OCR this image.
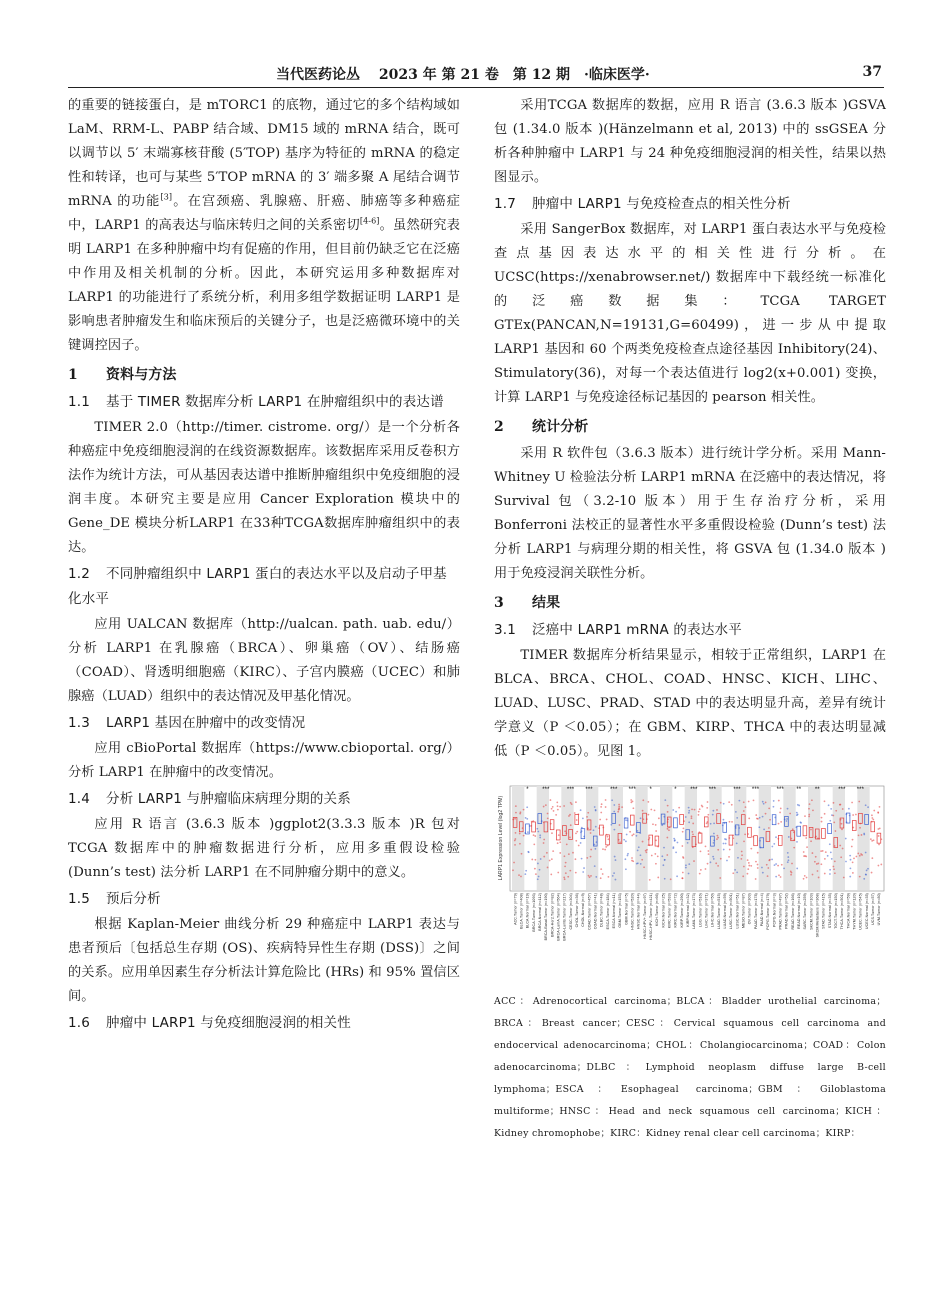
当代医药论丛　 2023 年 第 21 卷　第 12 期　·临床医学·	37

的重要的链接蛋白，是 mTORC1 的底物，通过它的多个结构域如 LaM、RRM-L、PABP 结合域、DM15 域的 mRNA 结合，既可以调节以 5′ 末端寡核苷酸 (5′TOP) 基序为特征的 mRNA 的稳定性和转译，也可与某些 5′TOP mRNA 的 3′ 端多聚 A 尾结合调节 mRNA 的功能[3]。在宫颈癌、乳腺癌、肝癌、肺癌等多种癌症中，LARP1 的高表达与临床转归之间的关系密切[4-6]。虽然研究表明 LARP1 在多种肿瘤中均有促癌的作用，但目前仍缺乏它在泛癌中作用及相关机制的分析。因此，本研究运用多种数据库对 LARP1 的功能进行了系统分析，利用多组学数据证明 LARP1 是影响患者肿瘤发生和临床预后的关键分子，也是泛癌微环境中的关键调控因子。

1 资料与方法
1.1 基于 TIMER 数据库分析 LARP1 在肿瘤组织中的表达谱

TIMER 2.0（http://timer. cistrome. org/）是一个分析各种癌症中免疫细胞浸润的在线资源数据库。该数据库采用反卷积方法作为统计方法，可从基因表达谱中推断肿瘤组织中免疫细胞的浸润丰度。本研究主要是应用 Cancer Exploration 模块中的 Gene_DE 模块分析LARP1 在33种TCGA数据库肿瘤组织中的表达。

1.2 不同肿瘤组织中 LARP1 蛋白的表达水平以及启动子甲基化水平

应用 UALCAN 数据库（http://ualcan. path. uab. edu/）分析 LARP1 在乳腺癌（BRCA）、卵巢癌（OV）、结肠癌（COAD）、肾透明细胞癌（KIRC）、子宫内膜癌（UCEC）和肺腺癌（LUAD）组织中的表达情况及甲基化情况。

1.3 LARP1 基因在肿瘤中的改变情况

应用 cBioPortal 数据库（https://www.cbioportal. org/）分析 LARP1 在肿瘤中的改变情况。

1.4 分析 LARP1 与肿瘤临床病理分期的关系

应用 R 语言 (3.6.3 版本 )ggplot2(3.3.3 版本 )R 包对 TCGA 数据库中的肿瘤数据进行分析，应用多重假设检验 (Dunn’s test) 法分析 LARP1 在不同肿瘤分期中的意义。

1.5 预后分析

根据 Kaplan-Meier 曲线分析 29 种癌症中 LARP1 表达与患者预后〔包括总生存期 (OS)、疾病特异性生存期 (DSS)〕之间的关系。应用单因素生存分析法计算危险比 (HRs) 和 95% 置信区间。

1.6 肿瘤中 LARP1 与免疫细胞浸润的相关性

采用TCGA 数据库的数据，应用 R 语言 (3.6.3 版本 )GSVA 包 (1.34.0 版本 )(Hänzelmann et al, 2013) 中的 ssGSEA 分析各种肿瘤中 LARP1 与 24 种免疫细胞浸润的相关性，结果以热图显示。

1.7 肿瘤中 LARP1 与免疫检查点的相关性分析

采用 SangerBox 数据库，对 LARP1 蛋白表达水平与免疫检查点基因表达水平的相关性进行分析。在 UCSC(https://xenabrowser.net/) 数据库中下载经统一标准化的泛癌数据集：TCGA TARGET GTEx(PANCAN,N=19131,G=60499)，进一步从中提取 LARP1 基因和 60 个两类免疫检查点途径基因 Inhibitory(24)、Stimulatory(36)，对每一个表达值进行 log2(x+0.001) 变换，计算 LARP1 与免疫途径标记基因的 pearson 相关性。

2 统计分析

采用 R 软件包（3.6.3 版本）进行统计学分析。采用 Mann-Whitney U 检验法分析 LARP1 mRNA 在泛癌中的表达情况，将 Survival 包（3.2-10 版本）用于生存治疗分析，采用 Bonferroni 法校正的显著性水平多重假设检验 (Dunn’s test) 法分析 LARP1 与病理分期的相关性，将 GSVA 包 (1.34.0 版本 ) 用于免疫浸润关联性分析。

3 结果
3.1 泛癌中 LARP1 mRNA 的表达水平

TIMER 数据库分析结果显示，相较于正常组织，LARP1 在 BLCA、BRCA、CHOL、COAD、HNSC、KICH、LIHC、LUAD、LUSC、PRAD、STAD 中的表达明显升高，差异有统计学意义（P ＜0.05）；在 GBM、KIRP、THCA 中的表达明显减低（P ＜0.05）。见图 1。

LARP1 Expression Level (log2 TPM)
* ***	*** ***	*** *** *	* *** ***	*** ***	*** ** **	*** ***
ACC.Tumor (n=79) BLCA.Tumor (n=408) BLCA.Normal (n=19) BRCA.Tumor (n=1093) BRCA.Normal (n=112) BRCA-Basal.Tumor (n=190) BRCA-Her2.Tumor (n=82) BRCA-LumA.Tumor (n=564) BRCA-LumB.Tumor (n=217) CESC.Tumor (n=304) CHOL.Tumor (n=36) CHOL.Normal (n=9) COAD.Tumor (n=457) COAD.Normal (n=41) DLBC.Tumor (n=48) ESCA.Tumor (n=184) ESCA.Normal (n=11) GBM.Tumor (n=153) GBM.Normal (n=5) HNSC.Tumor (n=520) HNSC.Normal (n=44) HNSC-HPV+.Tumor (n=97) HNSC-HPV-.Tumor (n=421) KICH.Tumor (n=66) KICH.Normal (n=25) KIRC.Tumor (n=533) KIRC.Normal (n=72) KIRP.Tumor (n=290) KIRP.Normal (n=32) LAML.Tumor (n=173) LGG.Tumor (n=516) LIHC.Tumor (n=371) LIHC.Normal (n=50) LUAD.Tumor (n=515) LUAD.Normal (n=59) LUSC.Tumor (n=501) LUSC.Normal (n=51) MESO.Tumor (n=87) OV.Tumor (n=303) PAAD.Tumor (n=178) PAAD.Normal (n=4) PCPG.Tumor (n=179) PCPG.Normal (n=3) PRAD.Tumor (n=497) PRAD.Normal (n=52) READ.Tumor (n=166) READ.Normal (n=10) SARC.Tumor (n=259) SKCM.Tumor (n=103) SKCM.Metastasis (n=368) STAD.Tumor (n=415) STAD.Normal (n=35) TGCT.Tumor (n=150) THCA.Tumor (n=501) THCA.Normal (n=59) THYM.Tumor (n=120) UCEC.Tumor (n=545) UCEC.Normal (n=35) UCS.Tumor (n=57) UVM.Tumor (n=80)

ACC：Adrenocortical carcinoma；BLCA：Bladder urothelial carcinoma；BRCA：Breast cancer；CESC：Cervical squamous cell carcinoma and endocervical adenocarcinoma；CHOL：Cholangiocarcinoma；COAD：Colon adenocarcinoma；DLBC：Lymphoid neoplasm diffuse large B-cell lymphoma；ESCA：Esophageal carcinoma；GBM：Giloblastoma multiforme；HNSC：Head and neck squamous cell carcinoma；KICH：Kidney chromophobe；KIRC：Kidney renal clear cell carcinoma；KIRP：
